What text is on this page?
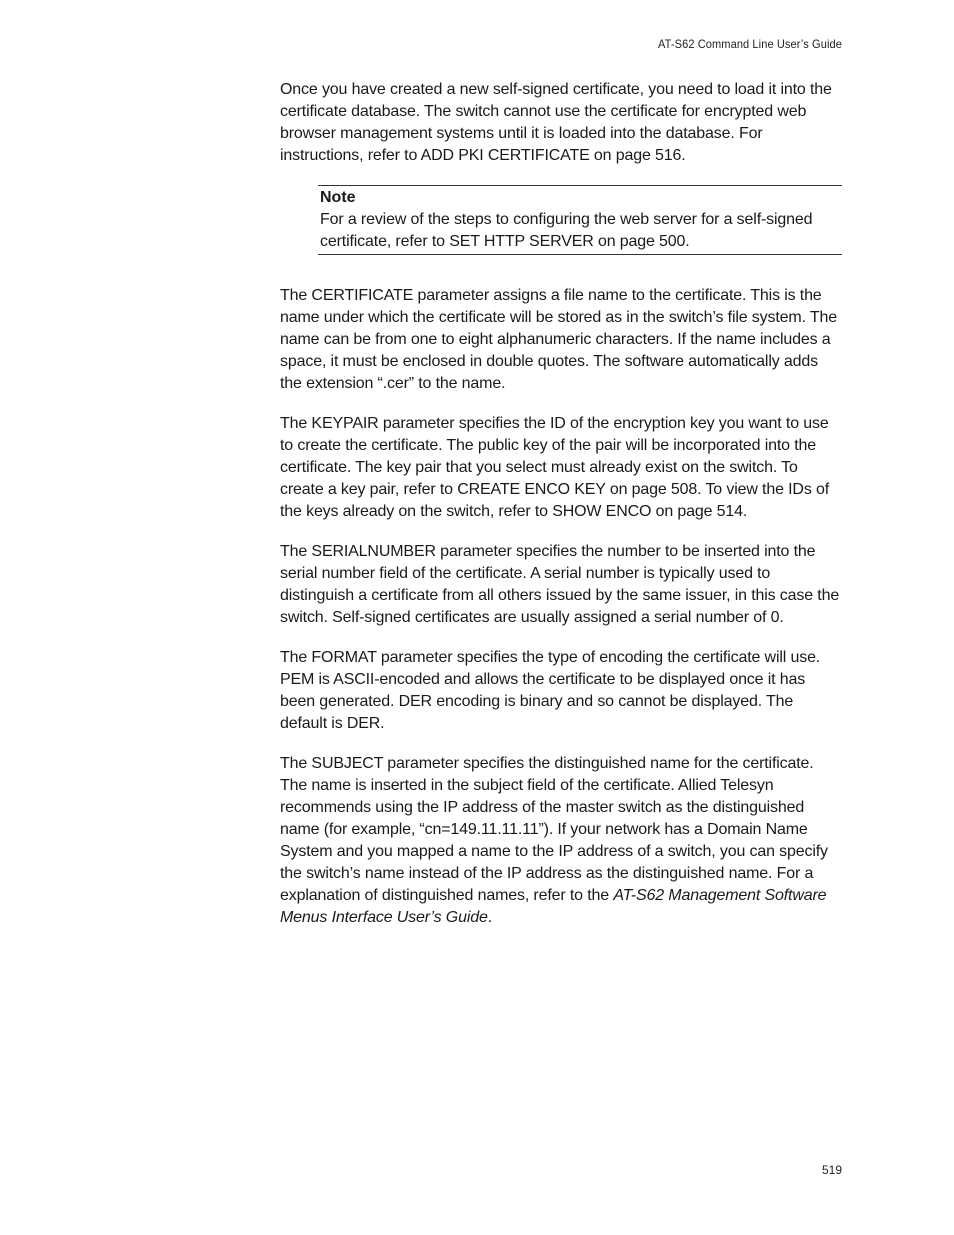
AT-S62 Command Line User’s Guide

Once you have created a new self-signed certificate, you need to load it into the certificate database. The switch cannot use the certificate for encrypted web browser management systems until it is loaded into the database. For instructions, refer to ADD PKI CERTIFICATE on page 516.

Note
For a review of the steps to configuring the web server for a self-signed certificate, refer to SET HTTP SERVER on page 500.

The CERTIFICATE parameter assigns a file name to the certificate. This is the name under which the certificate will be stored as in the switch’s file system. The name can be from one to eight alphanumeric characters. If the name includes a space, it must be enclosed in double quotes. The software automatically adds the extension “.cer” to the name.

The KEYPAIR parameter specifies the ID of the encryption key you want to use to create the certificate. The public key of the pair will be incorporated into the certificate. The key pair that you select must already exist on the switch. To create a key pair, refer to CREATE ENCO KEY on page 508. To view the IDs of the keys already on the switch, refer to SHOW ENCO on page 514.

The SERIALNUMBER parameter specifies the number to be inserted into the serial number field of the certificate. A serial number is typically used to distinguish a certificate from all others issued by the same issuer, in this case the switch. Self-signed certificates are usually assigned a serial number of 0.

The FORMAT parameter specifies the type of encoding the certificate will use. PEM is ASCII-encoded and allows the certificate to be displayed once it has been generated. DER encoding is binary and so cannot be displayed. The default is DER.

The SUBJECT parameter specifies the distinguished name for the certificate. The name is inserted in the subject field of the certificate. Allied Telesyn recommends using the IP address of the master switch as the distinguished name (for example, “cn=149.11.11.11”). If your network has a Domain Name System and you mapped a name to the IP address of a switch, you can specify the switch’s name instead of the IP address as the distinguished name. For a explanation of distinguished names, refer to the AT-S62 Management Software Menus Interface User’s Guide.

519
